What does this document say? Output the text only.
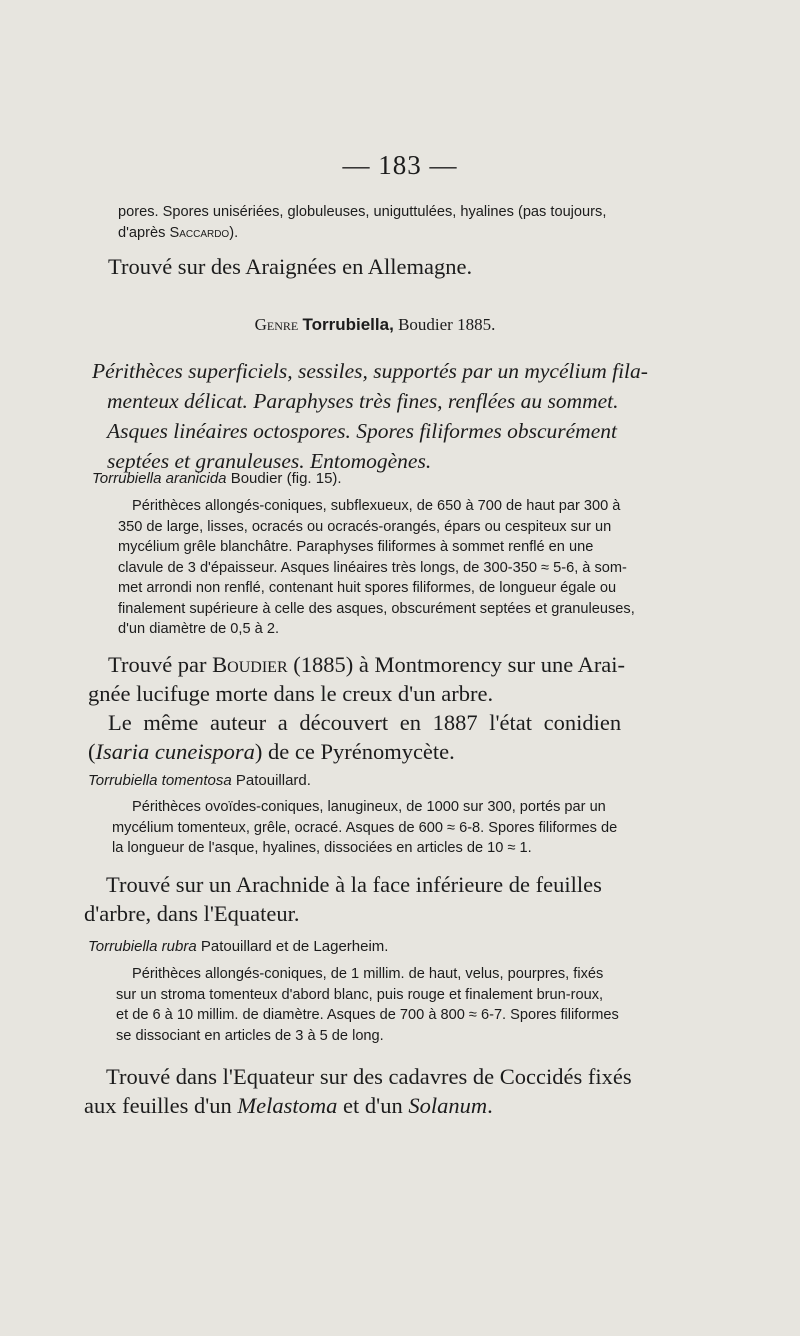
— 183 —
pores. Spores unisériées, globuleuses, uniguttulées, hyalines (pas toujours,
d'après Saccardo).
Trouvé sur des Araignées en Allemagne.
Genre Torrubiella, Boudier 1885.
Périthèces superficiels, sessiles, supportés par un mycélium fila-
menteux délicat. Paraphyses très fines, renflées au sommet.
Asques linéaires octospores. Spores filiformes obscurément
septées et granuleuses. Entomogènes.
Torrubiella aranicida Boudier (fig. 15).
Périthèces allongés-coniques, subflexueux, de 650 à 700 de haut par 300 à
350 de large, lisses, ocracés ou ocracés-orangés, épars ou cespiteux sur un
mycélium grêle blanchâtre. Paraphyses filiformes à sommet renflé en une
clavule de 3 d'épaisseur. Asques linéaires très longs, de 300-350 ≈ 5-6, à som-
met arrondi non renflé, contenant huit spores filiformes, de longueur égale ou
finalement supérieure à celle des asques, obscurément septées et granuleuses,
d'un diamètre de 0,5 à 2.
Trouvé par Boudier (1885) à Montmorency sur une Arai-
gnée lucifuge morte dans le creux d'un arbre.
Le même auteur a découvert en 1887 l'état conidien
(Isaria cuneispora) de ce Pyrénomycète.
Torrubiella tomentosa Patouillard.
Périthèces ovoïdes-coniques, lanugineux, de 1000 sur 300, portés par un
mycélium tomenteux, grêle, ocracé. Asques de 600 ≈ 6-8. Spores filiformes de
la longueur de l'asque, hyalines, dissociées en articles de 10 ≈ 1.
Trouvé sur un Arachnide à la face inférieure de feuilles
d'arbre, dans l'Equateur.
Torrubiella rubra Patouillard et de Lagerheim.
Périthèces allongés-coniques, de 1 millim. de haut, velus, pourpres, fixés
sur un stroma tomenteux d'abord blanc, puis rouge et finalement brun-roux,
et de 6 à 10 millim. de diamètre. Asques de 700 à 800 ≈ 6-7. Spores filiformes
se dissociant en articles de 3 à 5 de long.
Trouvé dans l'Equateur sur des cadavres de Coccidés fixés
aux feuilles d'un Melastoma et d'un Solanum.
